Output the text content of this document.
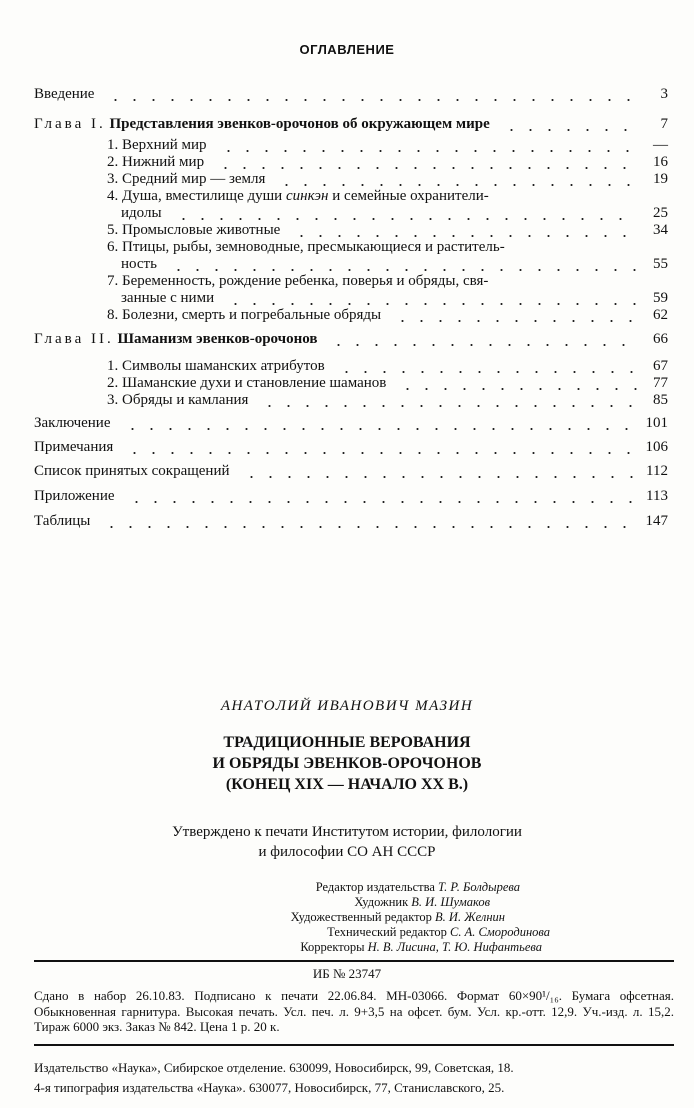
ОГЛАВЛЕНИЕ
Введение	3
Глава I.
Представления эвенков-орочонов об окружающем мире	7
1. Верхний мир	—
2. Нижний мир	16
3. Средний мир — земля	19
4. Душа, вместилище души синкэн и семейные охранители-
идолы	25
5. Промысловые животные	34
6. Птицы, рыбы, земноводные, пресмыкающиеся и раститель-
ность	55
7. Беременность, рождение ребенка, поверья и обряды, свя-
занные с ними	59
8. Болезни, смерть и погребальные обряды	62
Глава II.
Шаманизм эвенков-орочонов	66
1. Символы шаманских атрибутов	67
2. Шаманские духи и становление шаманов	77
3. Обряды и камлания	85
Заключение	101
Примечания	106
Список принятых сокращений	112
Приложение	113
Таблицы	147
АНАТОЛИЙ ИВАНОВИЧ МАЗИН
ТРАДИЦИОННЫЕ ВЕРОВАНИЯ
И ОБРЯДЫ ЭВЕНКОВ-ОРОЧОНОВ
(КОНЕЦ XIX — НАЧАЛО XX В.)
Утверждено к печати Институтом истории, филологии
и философии СО АН СССР
Редактор издательства Т. Р. Болдырева
Художник В. И. Шумаков
Художественный редактор В. И. Желнин
Технический редактор С. А. Смородинова
Корректоры Н. В. Лисина, Т. Ю. Нифантьева
ИБ № 23747
Сдано в набор 26.10.83. Подписано к печати 22.06.84. МН-03066. Формат 60×90¹/₁₆. Бумага офсетная. Обыкновенная гарнитура. Высокая печать. Усл. печ. л. 9+3,5 на офсет. бум. Усл. кр.-отт. 12,9. Уч.-изд. л. 15,2. Тираж 6000 экз. Заказ № 842. Цена 1 р. 20 к.
Издательство «Наука», Сибирское отделение. 630099, Новосибирск, 99, Советская, 18.
4-я типография издательства «Наука». 630077, Новосибирск, 77, Станиславского, 25.
